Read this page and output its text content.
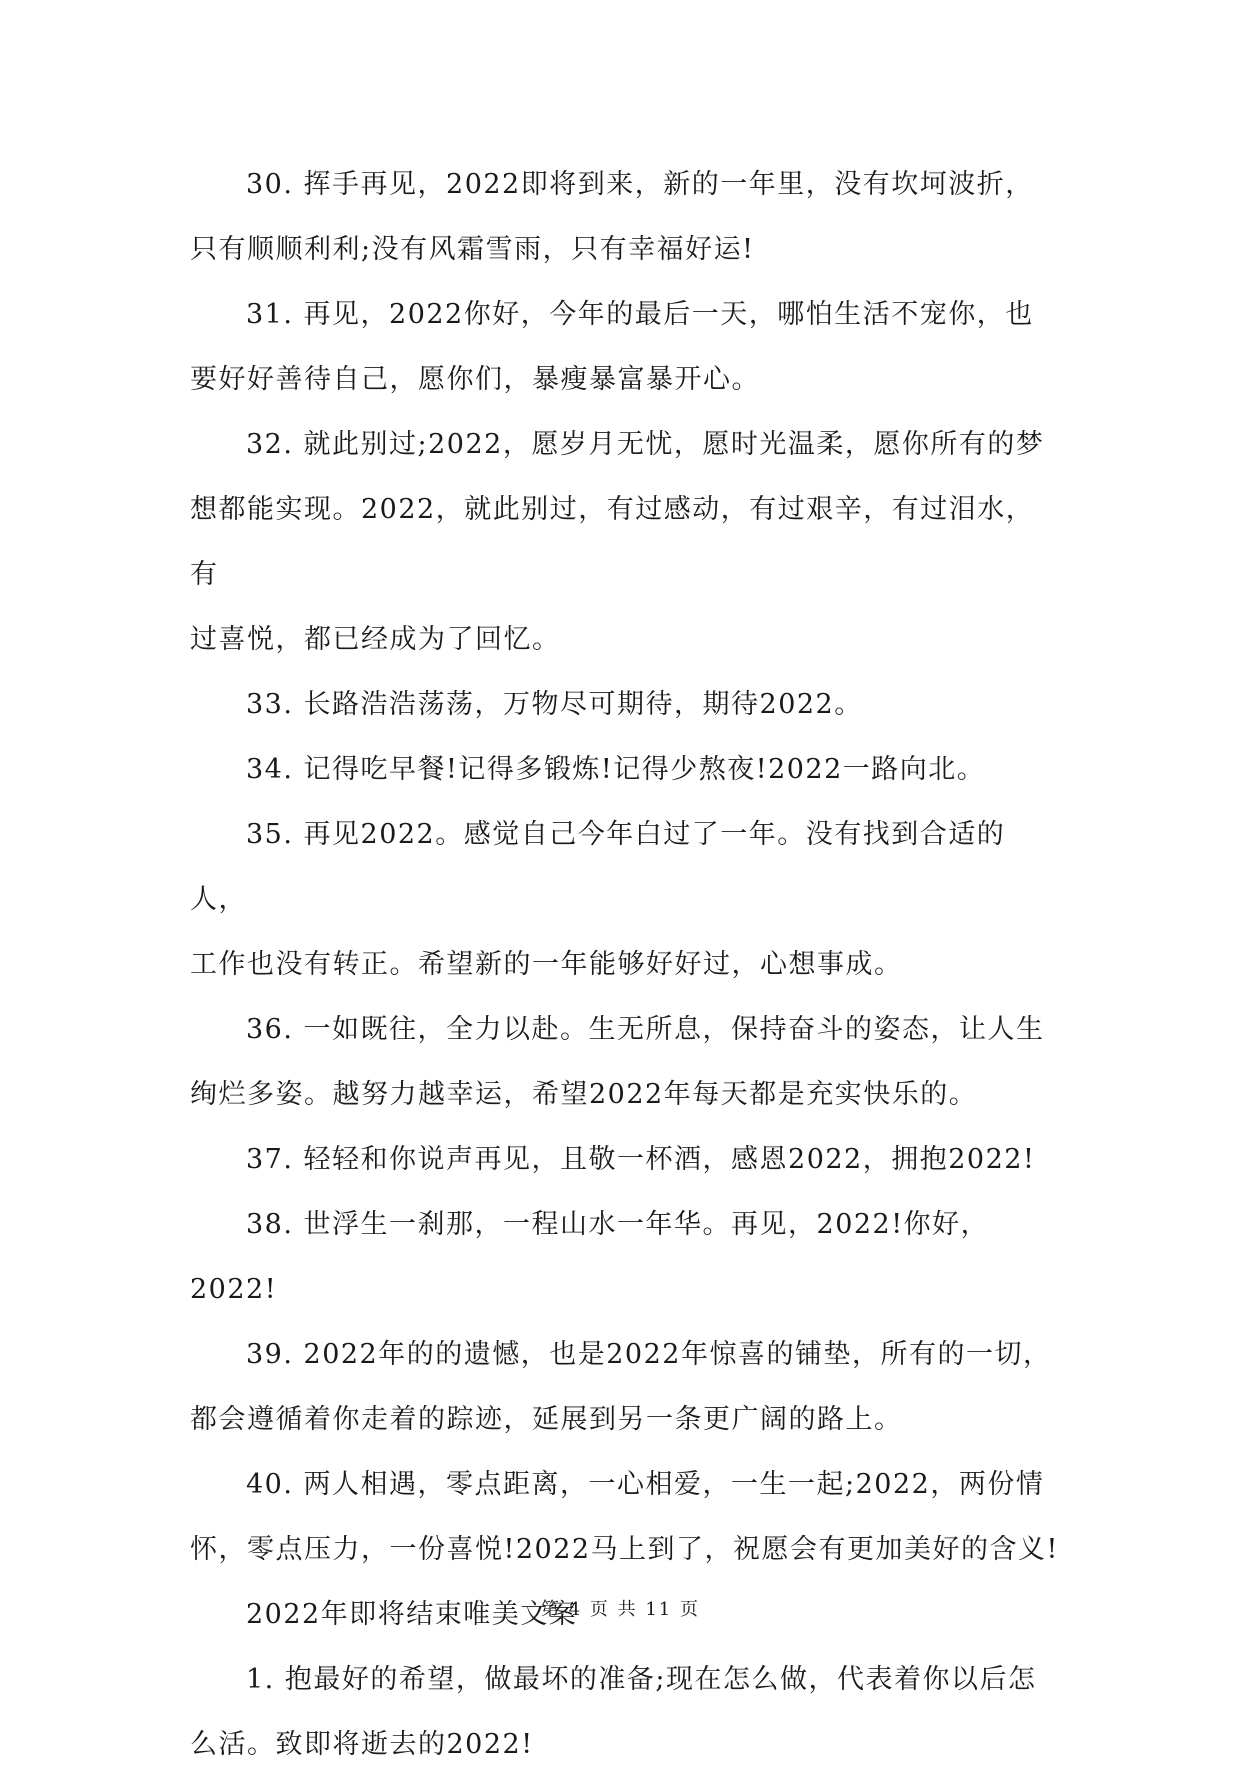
30. 挥手再见，2022即将到来，新的一年里，没有坎坷波折，
只有顺顺利利;没有风霜雪雨，只有幸福好运!

31. 再见，2022你好，今年的最后一天，哪怕生活不宠你，也
要好好善待自己，愿你们，暴瘦暴富暴开心。

32. 就此别过;2022，愿岁月无忧，愿时光温柔，愿你所有的梦
想都能实现。2022，就此别过，有过感动，有过艰辛，有过泪水，有
过喜悦，都已经成为了回忆。

33. 长路浩浩荡荡，万物尽可期待，期待2022。

34. 记得吃早餐!记得多锻炼!记得少熬夜!2022一路向北。

35. 再见2022。感觉自己今年白过了一年。没有找到合适的人，
工作也没有转正。希望新的一年能够好好过，心想事成。

36. 一如既往，全力以赴。生无所息，保持奋斗的姿态，让人生
绚烂多姿。越努力越幸运，希望2022年每天都是充实快乐的。

37. 轻轻和你说声再见，且敬一杯酒，感恩2022，拥抱2022!

38. 世浮生一刹那，一程山水一年华。再见，2022!你好，2022!

39. 2022年的的遗憾，也是2022年惊喜的铺垫，所有的一切，
都会遵循着你走着的踪迹，延展到另一条更广阔的路上。

40. 两人相遇，零点距离，一心相爱，一生一起;2022，两份情
怀，零点压力，一份喜悦!2022马上到了，祝愿会有更加美好的含义!

2022年即将结束唯美文案

1. 抱最好的希望，做最坏的准备;现在怎么做，代表着你以后怎
么活。致即将逝去的2022!

第 4 页 共 11 页
